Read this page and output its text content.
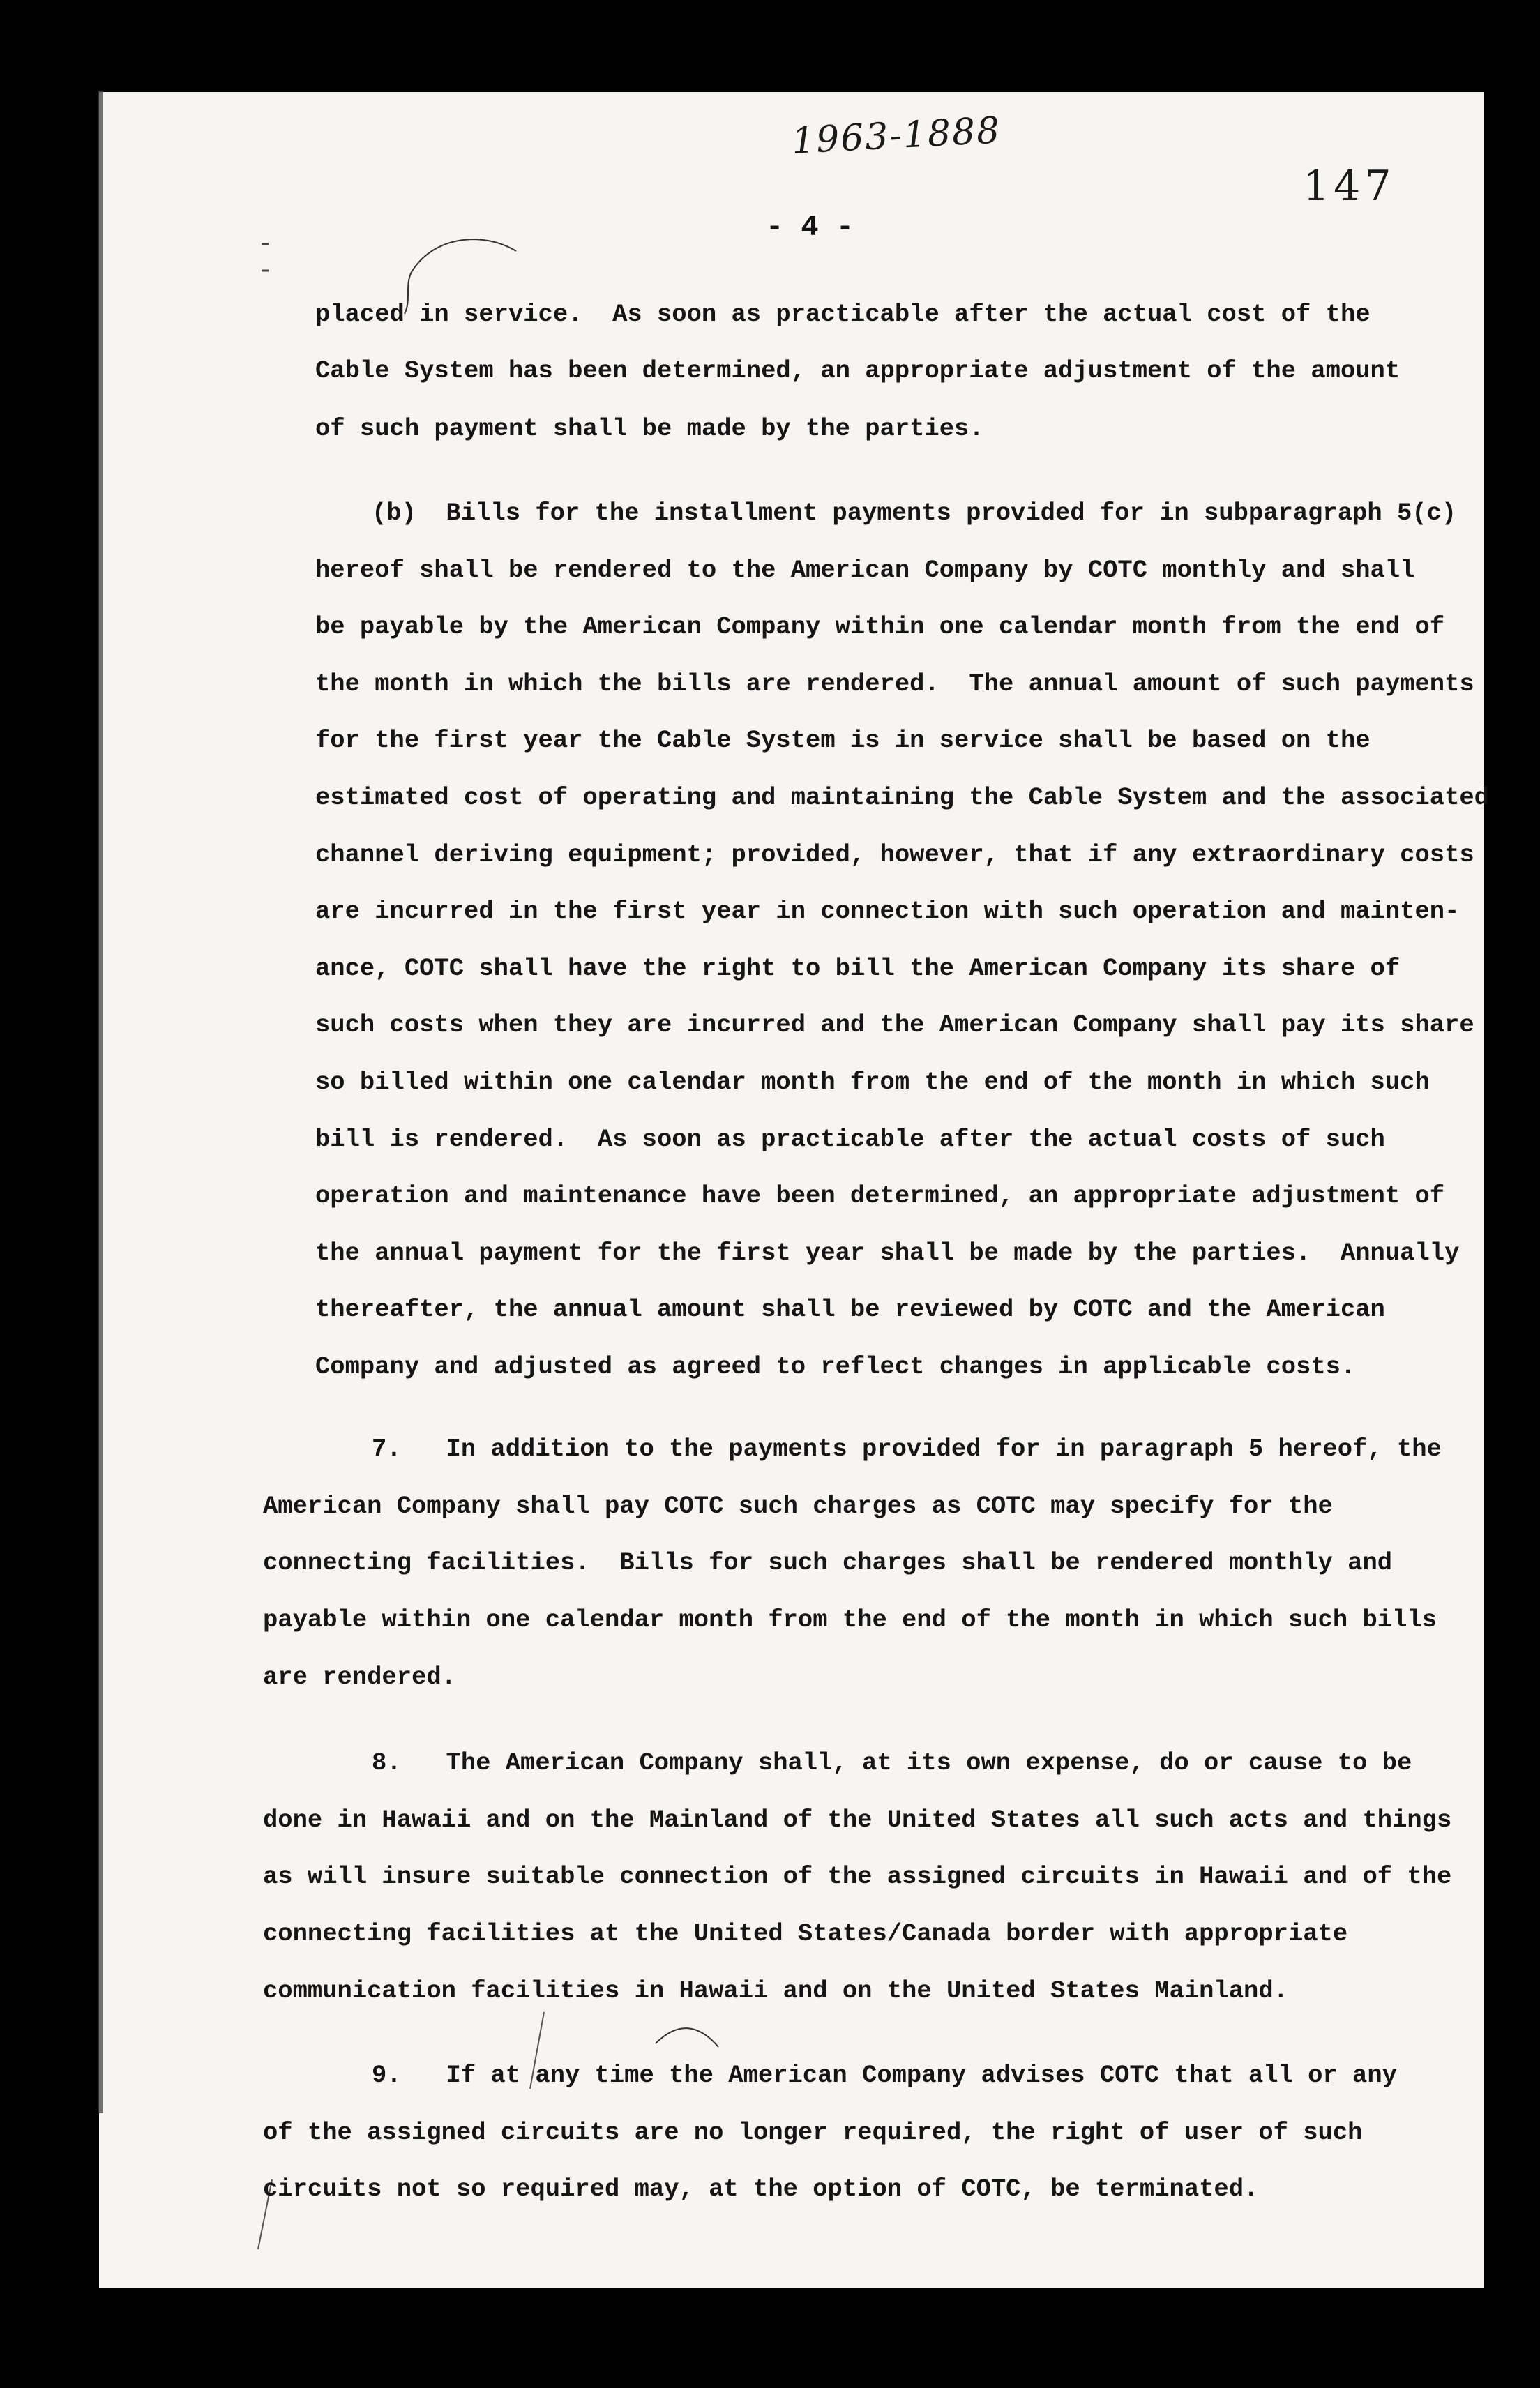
1963-1888
147
- 4 -
placed in service.  As soon as practicable after the actual cost of the
Cable System has been determined, an appropriate adjustment of the amount
of such payment shall be made by the parties.
(b)  Bills for the installment payments provided for in subparagraph 5(c)
hereof shall be rendered to the American Company by COTC monthly and shall
be payable by the American Company within one calendar month from the end of
the month in which the bills are rendered.  The annual amount of such payments
for the first year the Cable System is in service shall be based on the
estimated cost of operating and maintaining the Cable System and the associated
channel deriving equipment; provided, however, that if any extraordinary costs
are incurred in the first year in connection with such operation and mainten-
ance, COTC shall have the right to bill the American Company its share of
such costs when they are incurred and the American Company shall pay its share
so billed within one calendar month from the end of the month in which such
bill is rendered.  As soon as practicable after the actual costs of such
operation and maintenance have been determined, an appropriate adjustment of
the annual payment for the first year shall be made by the parties.  Annually
thereafter, the annual amount shall be reviewed by COTC and the American
Company and adjusted as agreed to reflect changes in applicable costs.
7.   In addition to the payments provided for in paragraph 5 hereof, the
American Company shall pay COTC such charges as COTC may specify for the
connecting facilities.  Bills for such charges shall be rendered monthly and
payable within one calendar month from the end of the month in which such bills
are rendered.
8.   The American Company shall, at its own expense, do or cause to be
done in Hawaii and on the Mainland of the United States all such acts and things
as will insure suitable connection of the assigned circuits in Hawaii and of the
connecting facilities at the United States/Canada border with appropriate
communication facilities in Hawaii and on the United States Mainland.
9.   If at any time the American Company advises COTC that all or any
of the assigned circuits are no longer required, the right of user of such
circuits not so required may, at the option of COTC, be terminated.
